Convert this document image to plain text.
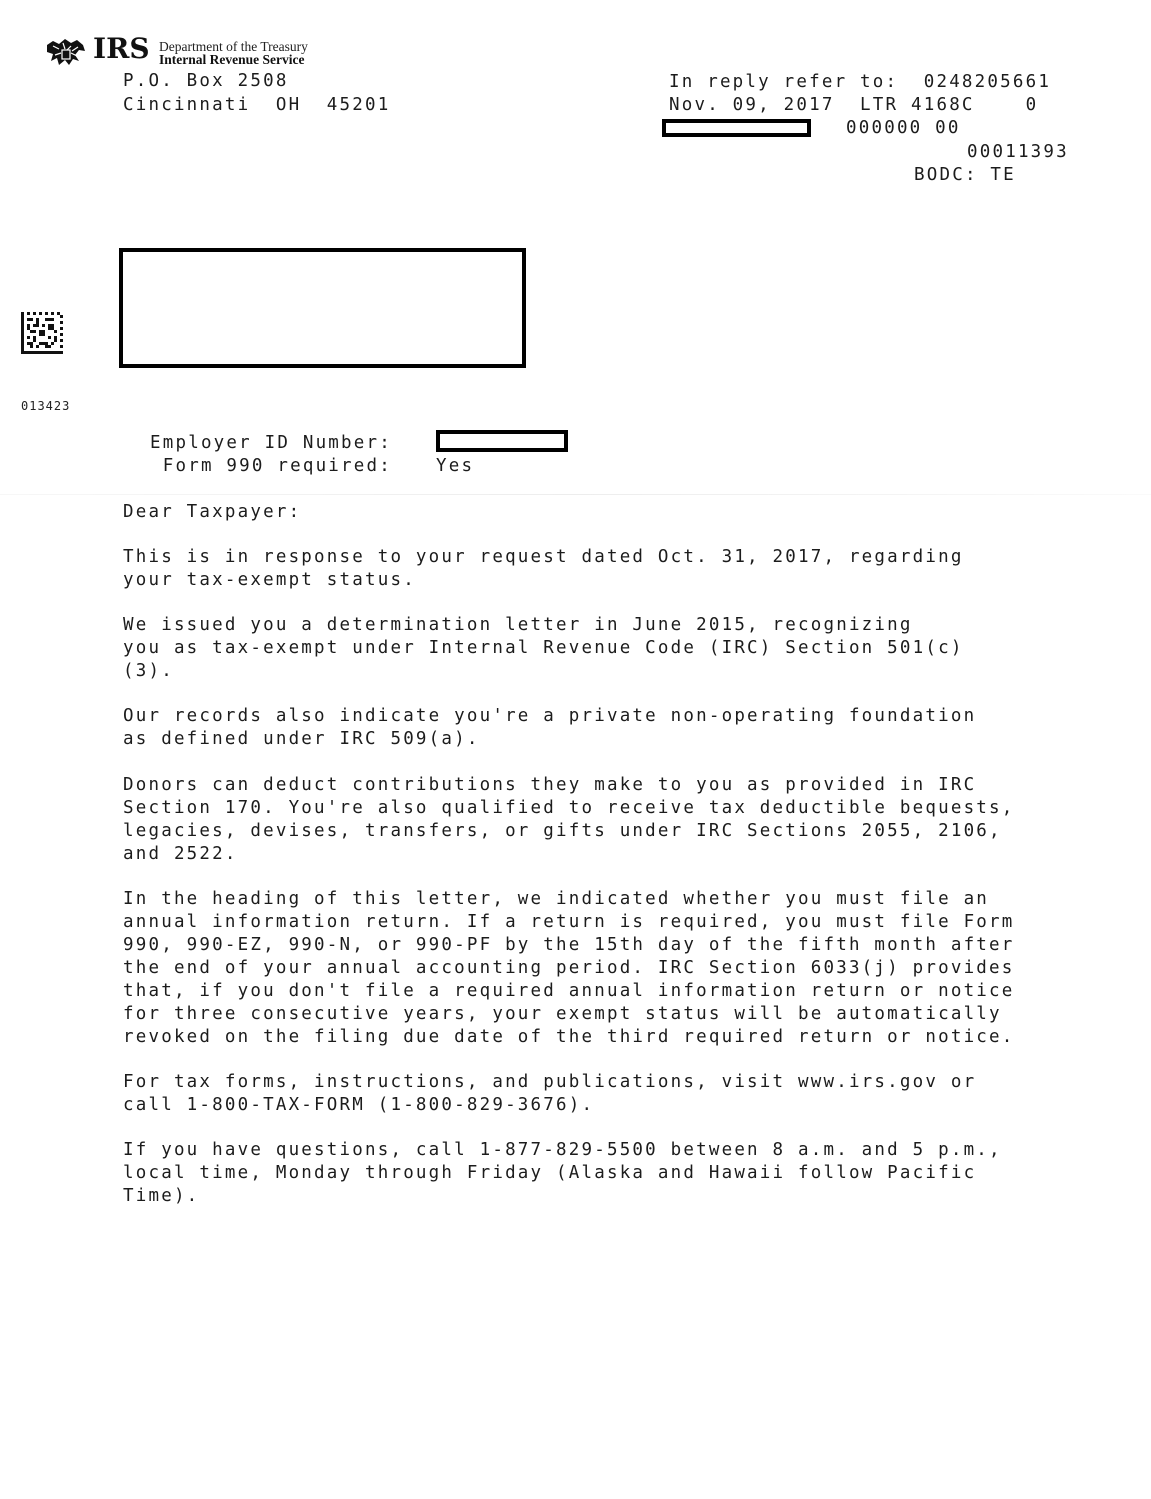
IRS Department of the Treasury
Internal Revenue Service
P.O. Box 2508
Cincinnati  OH  45201
In reply refer to:  0248205661
Nov. 09, 2017  LTR 4168C    0
000000 00
00011393
BODC: TE
013423
Employer ID Number:
Form 990 required:	Yes
Dear Taxpayer:
This is in response to your request dated Oct. 31, 2017, regarding
your tax-exempt status.
We issued you a determination letter in June 2015, recognizing
you as tax-exempt under Internal Revenue Code (IRC) Section 501(c)
(3).
Our records also indicate you're a private non-operating foundation
as defined under IRC 509(a).
Donors can deduct contributions they make to you as provided in IRC
Section 170. You're also qualified to receive tax deductible bequests,
legacies, devises, transfers, or gifts under IRC Sections 2055, 2106,
and 2522.
In the heading of this letter, we indicated whether you must file an
annual information return. If a return is required, you must file Form
990, 990-EZ, 990-N, or 990-PF by the 15th day of the fifth month after
the end of your annual accounting period. IRC Section 6033(j) provides
that, if you don't file a required annual information return or notice
for three consecutive years, your exempt status will be automatically
revoked on the filing due date of the third required return or notice.
For tax forms, instructions, and publications, visit www.irs.gov or
call 1-800-TAX-FORM (1-800-829-3676).
If you have questions, call 1-877-829-5500 between 8 a.m. and 5 p.m.,
local time, Monday through Friday (Alaska and Hawaii follow Pacific
Time).
